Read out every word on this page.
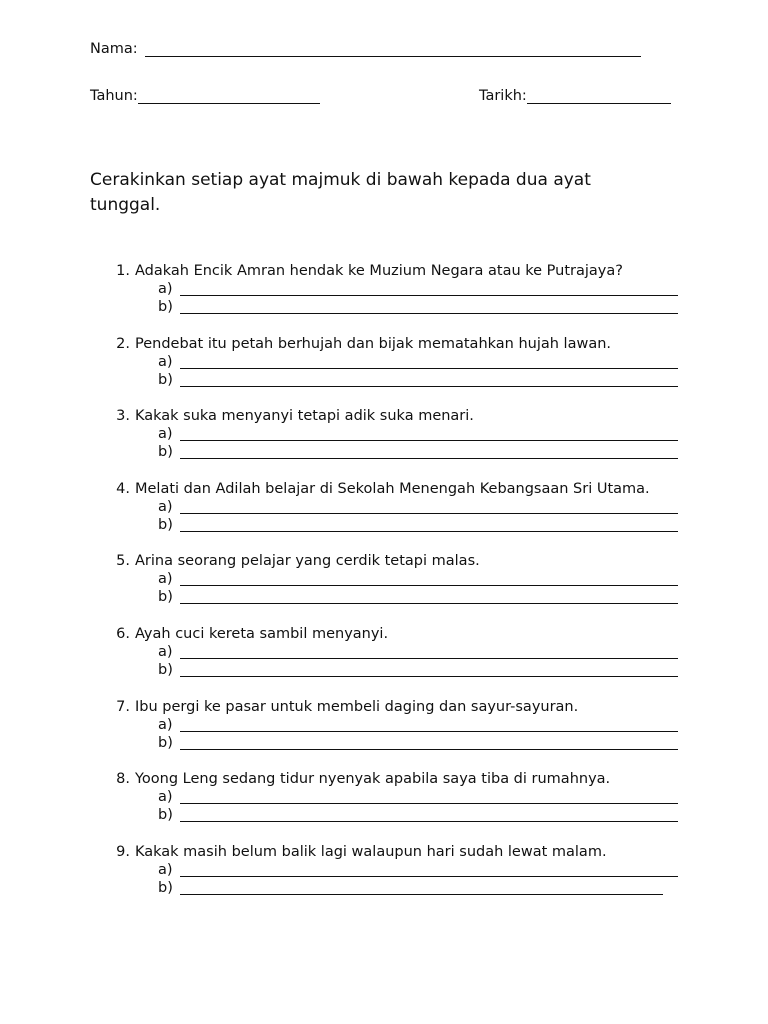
Nama:
Tahun:	Tarikh:

Cerakinkan setiap ayat majmuk di bawah kepada dua ayat tunggal.

1. Adakah Encik Amran hendak ke Muzium Negara atau ke Putrajaya?
a)
b)
2. Pendebat itu petah berhujah dan bijak mematahkan hujah lawan.
a)
b)
3. Kakak suka menyanyi tetapi adik suka menari.
a)
b)
4. Melati dan Adilah belajar di Sekolah Menengah Kebangsaan Sri Utama.
a)
b)
5. Arina seorang pelajar yang cerdik tetapi malas.
a)
b)
6. Ayah cuci kereta sambil menyanyi.
a)
b)
7. Ibu pergi ke pasar untuk membeli daging dan sayur-sayuran.
a)
b)
8. Yoong Leng sedang tidur nyenyak apabila saya tiba di rumahnya.
a)
b)
9. Kakak masih belum balik lagi walaupun hari sudah lewat malam.
a)
b)
